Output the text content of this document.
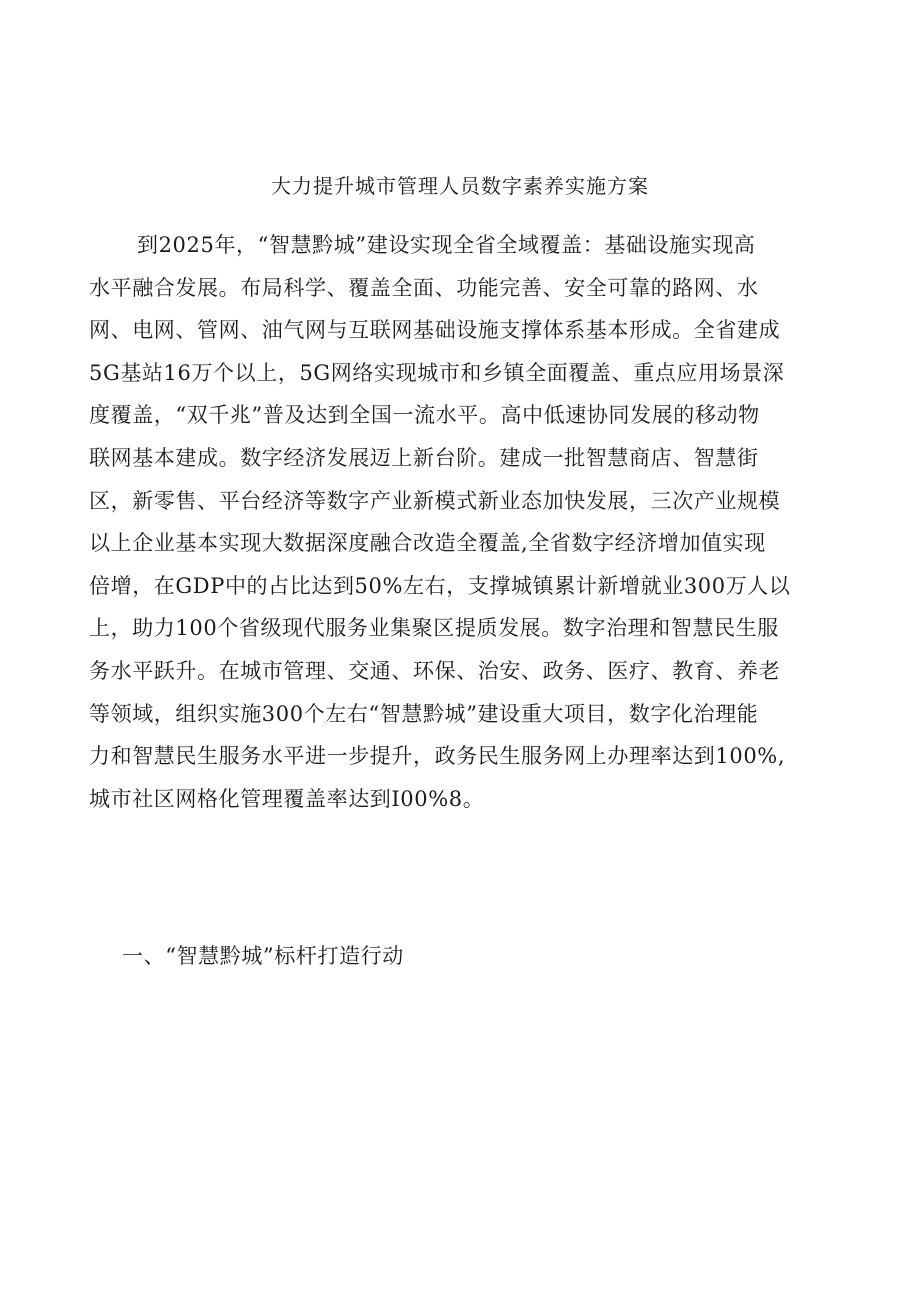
大力提升城市管理人员数字素养实施方案

到2025年，“智慧黔城”建设实现全省全域覆盖：基础设施实现高
水平融合发展。布局科学、覆盖全面、功能完善、安全可靠的路网、水
网、电网、管网、油气网与互联网基础设施支撑体系基本形成。全省建成
5G基站16万个以上，5G网络实现城市和乡镇全面覆盖、重点应用场景深
度覆盖，“双千兆”普及达到全国一流水平。高中低速协同发展的移动物
联网基本建成。数字经济发展迈上新台阶。建成一批智慧商店、智慧街
区，新零售、平台经济等数字产业新模式新业态加快发展，三次产业规模
以上企业基本实现大数据深度融合改造全覆盖,全省数字经济增加值实现
倍增，在GDP中的占比达到50%左右，支撑城镇累计新增就业300万人以
上，助力100个省级现代服务业集聚区提质发展。数字治理和智慧民生服
务水平跃升。在城市管理、交通、环保、治安、政务、医疗、教育、养老
等领域，组织实施300个左右“智慧黔城”建设重大项目，数字化治理能
力和智慧民生服务水平进一步提升，政务民生服务网上办理率达到100%,
城市社区网格化管理覆盖率达到I00%8。

一、“智慧黔城”标杆打造行动
